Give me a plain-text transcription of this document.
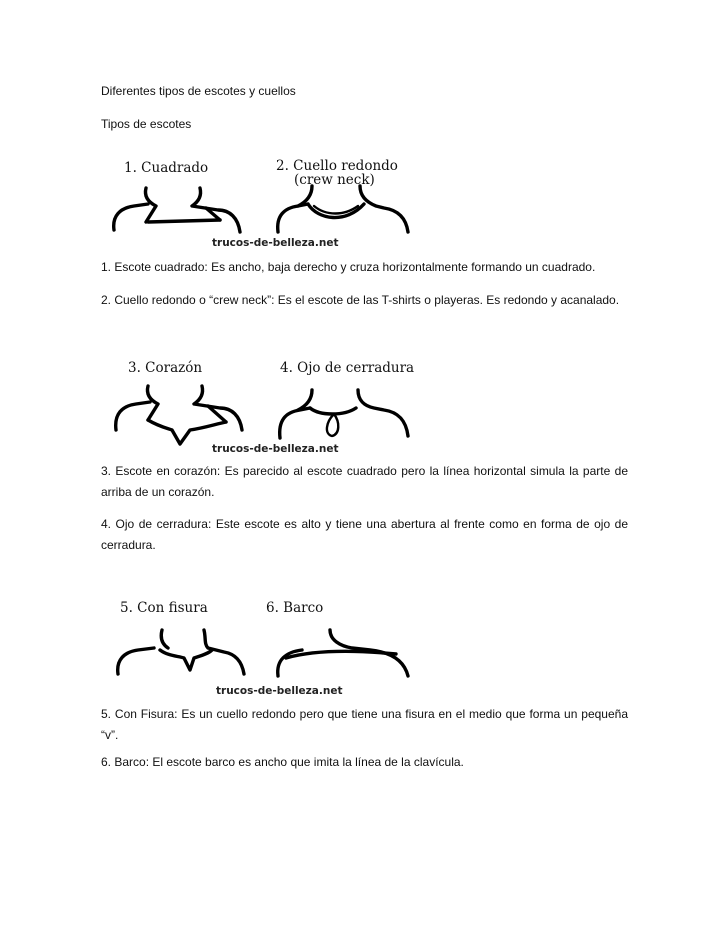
Diferentes tipos de escotes y cuellos
Tipos de escotes
1. Cuadrado	2. Cuello redondo
(crew neck)
trucos-de-belleza.net
1. Escote cuadrado: Es ancho, baja derecho y cruza horizontalmente formando un cuadrado.
2. Cuello redondo o “crew neck”: Es el escote de las T-shirts o playeras. Es redondo y acanalado.
3. Corazón	4. Ojo de cerradura
trucos-de-belleza.net
3. Escote en corazón: Es parecido al escote cuadrado pero la línea horizontal simula la parte de arriba de un corazón.
4. Ojo de cerradura: Este escote es alto y tiene una abertura al frente como en forma de ojo de cerradura.
5. Con fisura	6. Barco
trucos-de-belleza.net
5. Con Fisura: Es un cuello redondo pero que tiene una fisura en el medio que forma un pequeña “v”.
6. Barco: El escote barco es ancho que imita la línea de la clavícula.
